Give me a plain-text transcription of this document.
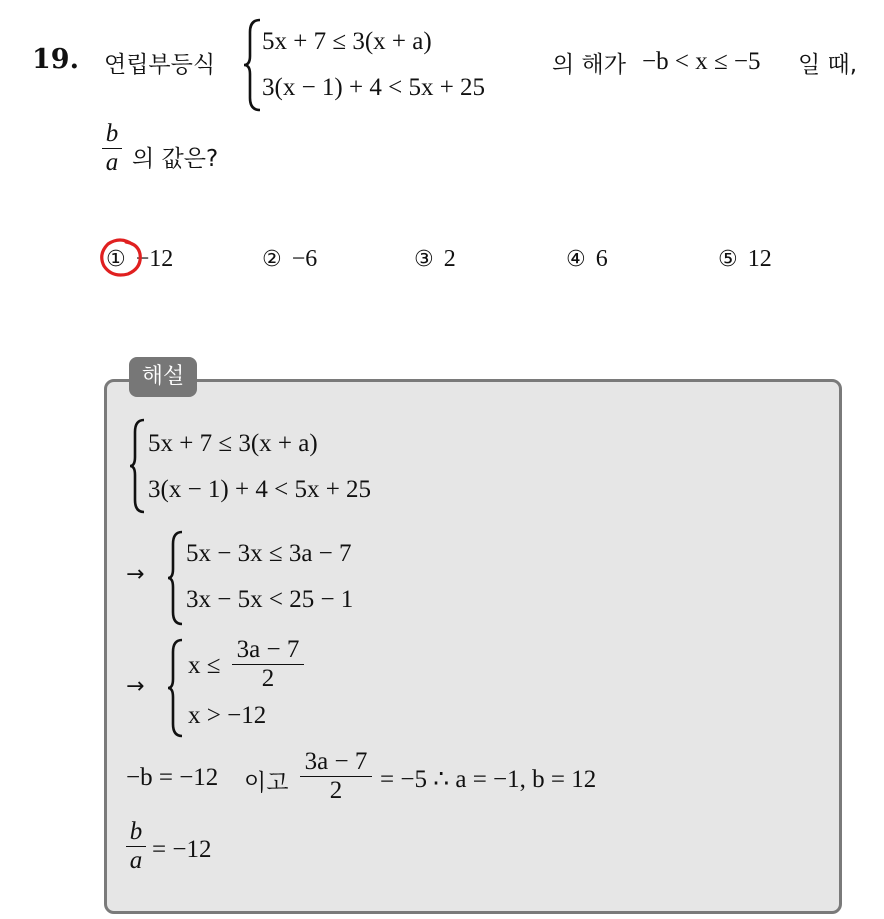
19. 연립부등식
5x + 7 ≤ 3(x + a)
3(x − 1) + 4 < 5x + 25
의 해가 −b < x ≤ −5 일 때,
b
a 의 값은?
① −12	② −6	③ 2	④ 6	⑤ 12
해설
5x + 7 ≤ 3(x + a)
3(x − 1) + 4 < 5x + 25
→
5x − 3x ≤ 3a − 7
3x − 5x < 25 − 1
→
x ≤
3a − 7
2
x > −12
−b = −12 이고
3a − 7
2	= −5 ∴ a = −1, b = 12
b
a = −12
